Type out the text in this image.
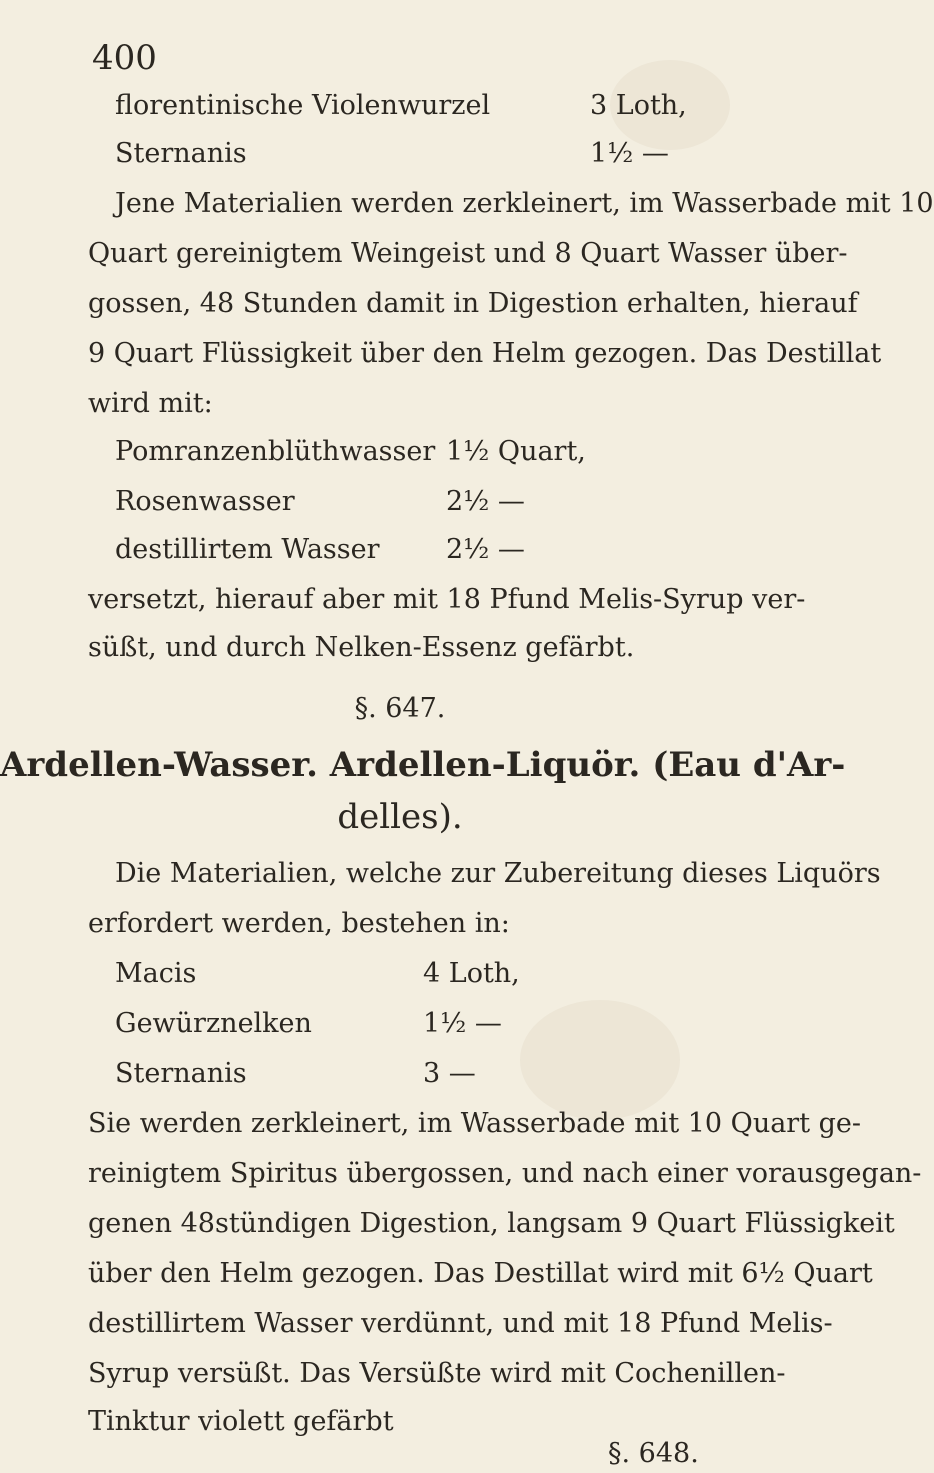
400
florentinische Violenwurzel	3 Loth,
Sternanis	1½ —
Jene Materialien werden zerkleinert, im Wasserbade mit 10
Quart gereinigtem Weingeist und 8 Quart Wasser über-
gossen, 48 Stunden damit in Digestion erhalten, hierauf
9 Quart Flüssigkeit über den Helm gezogen. Das Destillat
wird mit:
Pomranzenblüthwasser 1½ Quart,
Rosenwasser	2½ —
destillirtem Wasser 2½ —
versetzt, hierauf aber mit 18 Pfund Melis-Syrup ver-
süßt, und durch Nelken-Essenz gefärbt.
§. 647.
Ardellen-Wasser. Ardellen-Liquör. (Eau d'Ar-
delles).
Die Materialien, welche zur Zubereitung dieses Liquörs
erfordert werden, bestehen in:
Macis	4 Loth,
Gewürznelken	1½ —
Sternanis	3 —
Sie werden zerkleinert, im Wasserbade mit 10 Quart ge-
reinigtem Spiritus übergossen, und nach einer vorausgegan-
genen 48stündigen Digestion, langsam 9 Quart Flüssigkeit
über den Helm gezogen. Das Destillat wird mit 6½ Quart
destillirtem Wasser verdünnt, und mit 18 Pfund Melis-
Syrup versüßt. Das Versüßte wird mit Cochenillen-
Tinktur violett gefärbt
§. 648.
